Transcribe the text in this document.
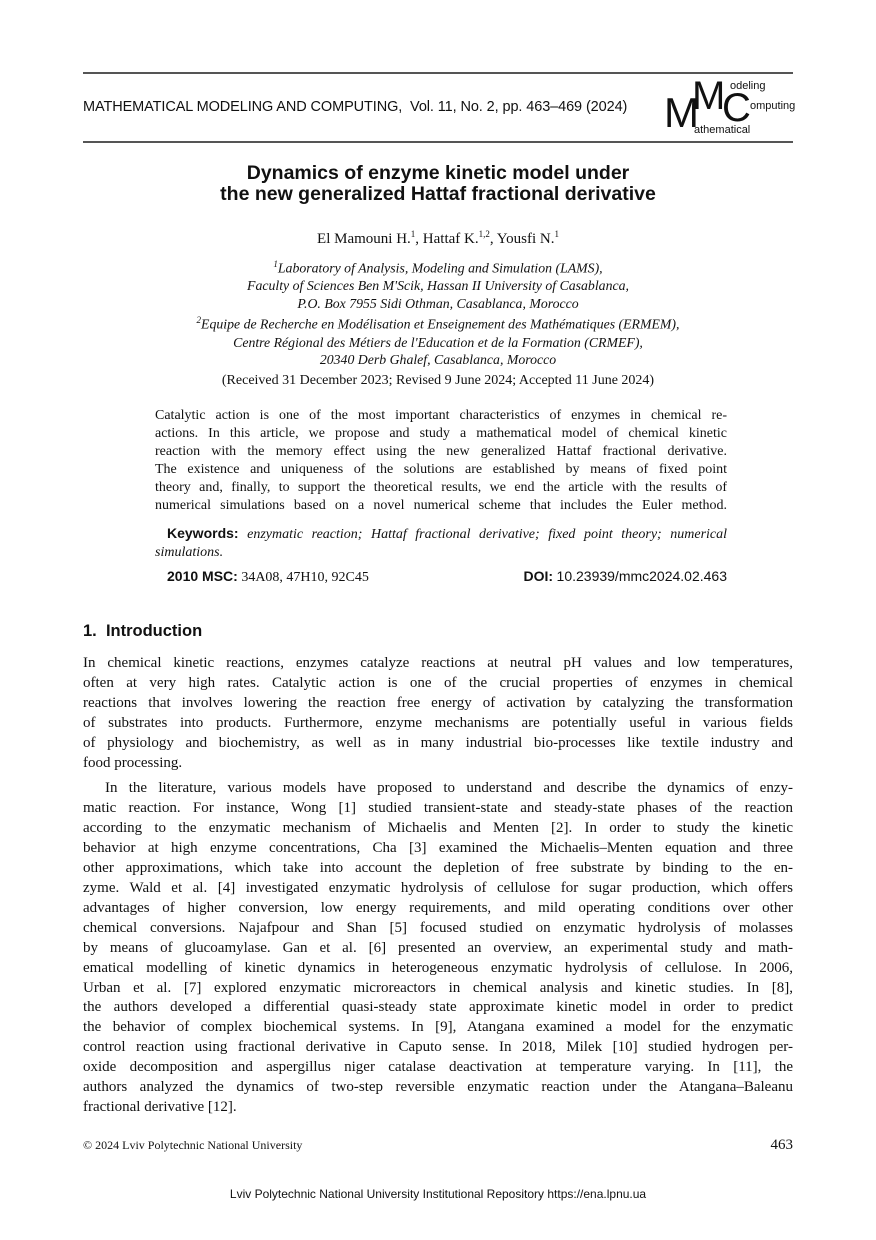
MATHEMATICAL MODELING AND COMPUTING, Vol. 11, No. 2, pp. 463–469 (2024) M
M
C
odeling
omputing
athematical
Dynamics of enzyme kinetic model under
the new generalized Hattaf fractional derivative
El Mamouni H.$^1$, Hattaf K.$^{1,2}$, Yousfi N.$^1$
$^1$Laboratory of Analysis, Modeling and Simulation (LAMS),
Faculty of Sciences Ben M'Scik, Hassan II University of Casablanca,
P.O. Box 7955 Sidi Othman, Casablanca, Morocco
$^2$Equipe de Recherche en Modélisation et Enseignement des Mathématiques (ERMEM),
Centre Régional des Métiers de l'Education et de la Formation (CRMEF),
20340 Derb Ghalef, Casablanca, Morocco
(Received 31 December 2023; Revised 9 June 2024; Accepted 11 June 2024)
Catalytic action is one of the most important characteristics of enzymes in chemical re-
actions. In this article, we propose and study a mathematical model of chemical kinetic
reaction with the memory effect using the new generalized Hattaf fractional derivative.
The existence and uniqueness of the solutions are established by means of fixed point
theory and, finally, to support the theoretical results, we end the article with the results of
numerical simulations based on a novel numerical scheme that includes the Euler method.
Keywords: enzymatic reaction; Hattaf fractional derivative; fixed point theory; numerical
simulations.
2010 MSC: 34A08, 47H10, 92C45	DOI: 10.23939/mmc2024.02.463
1. Introduction
In chemical kinetic reactions, enzymes catalyze reactions at neutral pH values and low temperatures,
often at very high rates. Catalytic action is one of the crucial properties of enzymes in chemical
reactions that involves lowering the reaction free energy of activation by catalyzing the transformation
of substrates into products. Furthermore, enzyme mechanisms are potentially useful in various fields
of physiology and biochemistry, as well as in many industrial bio-processes like textile industry and
food processing.
In the literature, various models have proposed to understand and describe the dynamics of enzy-
matic reaction. For instance, Wong [1] studied transient-state and steady-state phases of the reaction
according to the enzymatic mechanism of Michaelis and Menten [2]. In order to study the kinetic
behavior at high enzyme concentrations, Cha [3] examined the Michaelis–Menten equation and three
other approximations, which take into account the depletion of free substrate by binding to the en-
zyme. Wald et al. [4] investigated enzymatic hydrolysis of cellulose for sugar production, which offers
advantages of higher conversion, low energy requirements, and mild operating conditions over other
chemical conversions. Najafpour and Shan [5] focused studied on enzymatic hydrolysis of molasses
by means of glucoamylase. Gan et al. [6] presented an overview, an experimental study and math-
ematical modelling of kinetic dynamics in heterogeneous enzymatic hydrolysis of cellulose. In 2006,
Urban et al. [7] explored enzymatic microreactors in chemical analysis and kinetic studies. In [8],
the authors developed a differential quasi-steady state approximate kinetic model in order to predict
the behavior of complex biochemical systems. In [9], Atangana examined a model for the enzymatic
control reaction using fractional derivative in Caputo sense. In 2018, Milek [10] studied hydrogen per-
oxide decomposition and aspergillus niger catalase deactivation at temperature varying. In [11], the
authors analyzed the dynamics of two-step reversible enzymatic reaction under the Atangana–Baleanu
fractional derivative [12].
© 2024 Lviv Polytechnic National University	463
Lviv Polytechnic National University Institutional Repository https://ena.lpnu.ua
